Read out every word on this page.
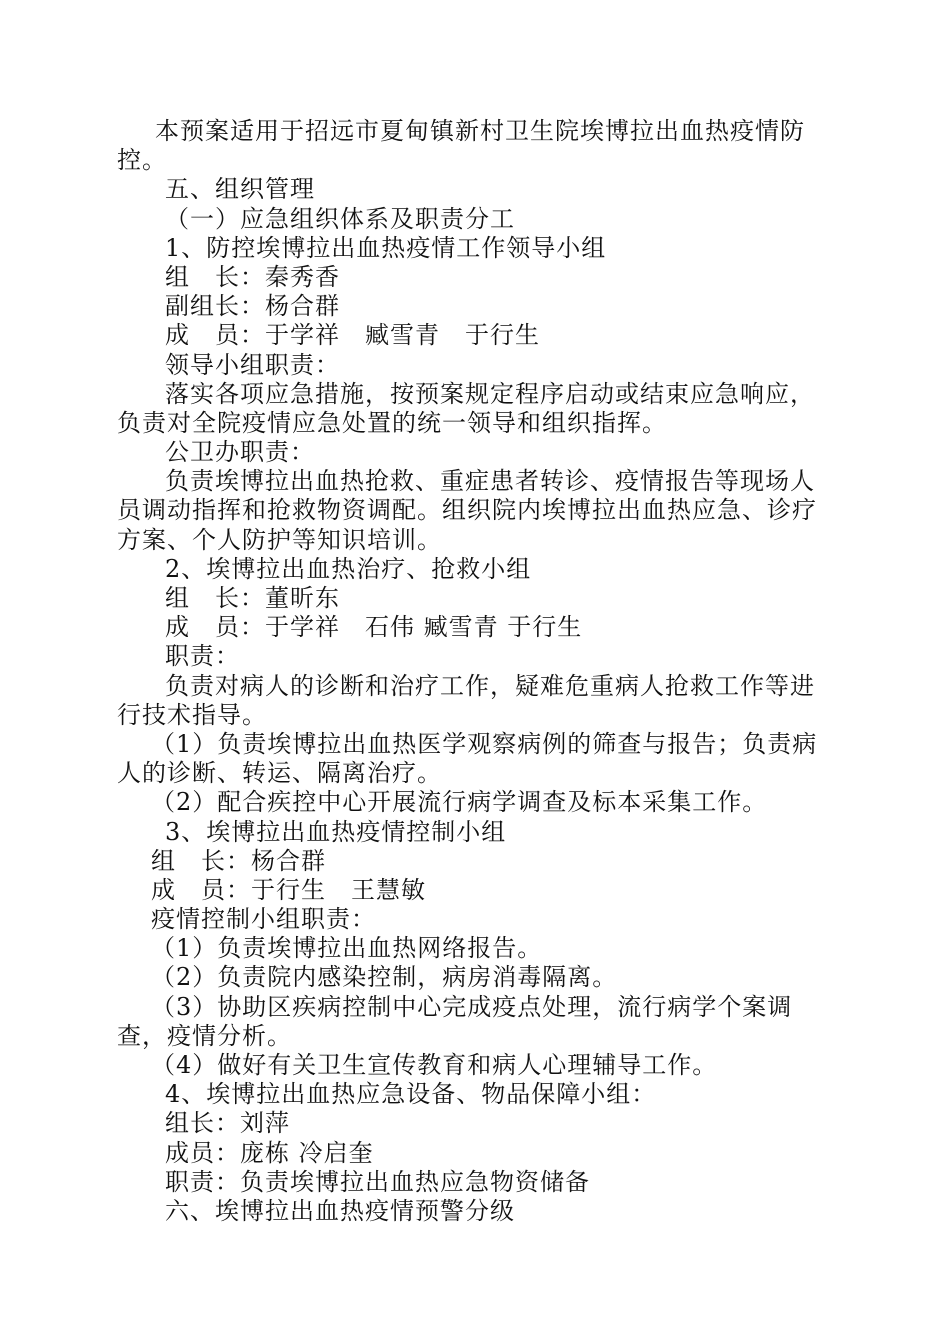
本预案适用于招远市夏甸镇新村卫生院埃博拉出血热疫情防
控。
五、组织管理
（一）应急组织体系及职责分工
1、防控埃博拉出血热疫情工作领导小组
组　长：秦秀香
副组长：杨合群
成　员：于学祥　臧雪青　于行生
领导小组职责：
落实各项应急措施，按预案规定程序启动或结束应急响应，
负责对全院疫情应急处置的统一领导和组织指挥。
公卫办职责：
负责埃博拉出血热抢救、重症患者转诊、疫情报告等现场人
员调动指挥和抢救物资调配。组织院内埃博拉出血热应急、诊疗
方案、个人防护等知识培训。
2、埃博拉出血热治疗、抢救小组
组　长：董昕东
成　员：于学祥　石伟 臧雪青 于行生
职责：
负责对病人的诊断和治疗工作，疑难危重病人抢救工作等进
行技术指导。
（1）负责埃博拉出血热医学观察病例的筛查与报告；负责病
人的诊断、转运、隔离治疗。
（2）配合疾控中心开展流行病学调查及标本采集工作。
3、埃博拉出血热疫情控制小组
组　长：杨合群
成　员：于行生　王慧敏
疫情控制小组职责：
（1）负责埃博拉出血热网络报告。
（2）负责院内感染控制，病房消毒隔离。
（3）协助区疾病控制中心完成疫点处理，流行病学个案调
查，疫情分析。
（4）做好有关卫生宣传教育和病人心理辅导工作。
4、埃博拉出血热应急设备、物品保障小组：
组长：刘萍
成员：庞栋 冷启奎
职责：负责埃博拉出血热应急物资储备
六、埃博拉出血热疫情预警分级
